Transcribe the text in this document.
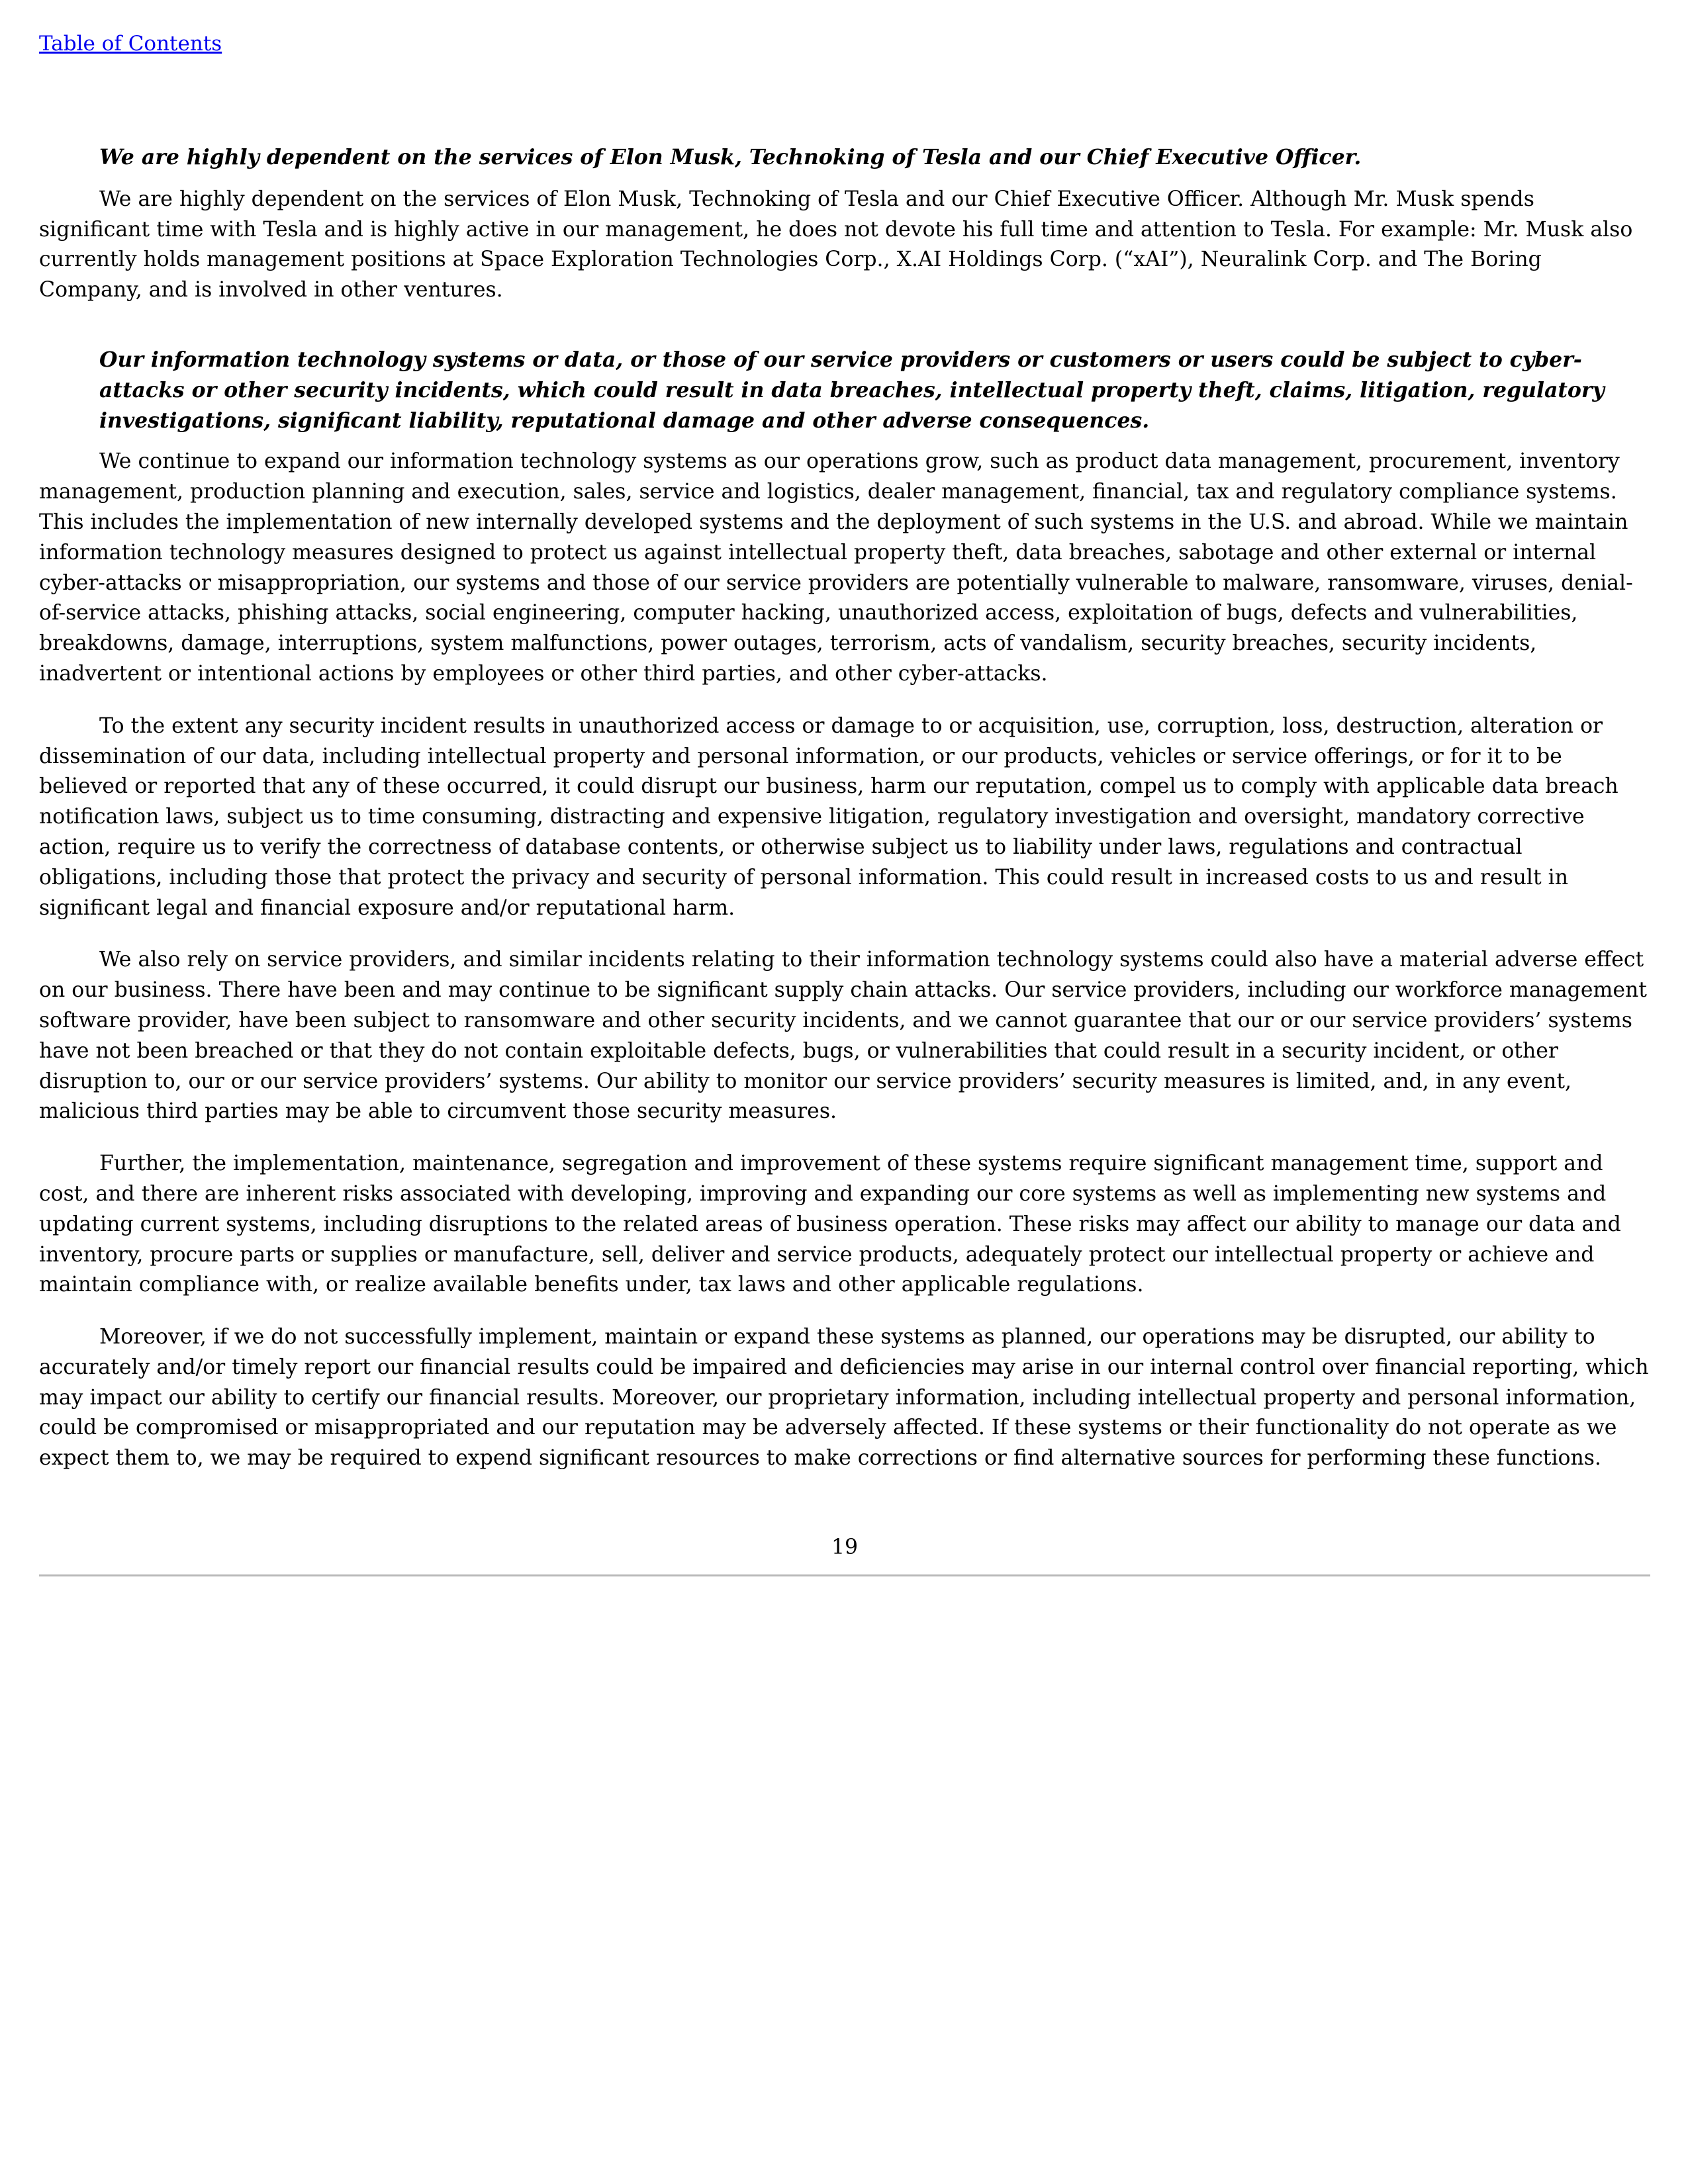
Table of Contents

We are highly dependent on the services of Elon Musk, Technoking of Tesla and our Chief Executive Officer.

We are highly dependent on the services of Elon Musk, Technoking of Tesla and our Chief Executive Officer. Although Mr. Musk spends significant time with Tesla and is highly active in our management, he does not devote his full time and attention to Tesla. For example: Mr. Musk also currently holds management positions at Space Exploration Technologies Corp., X.AI Holdings Corp. (“xAI”), Neuralink Corp. and The Boring Company, and is involved in other ventures.

Our information technology systems or data, or those of our service providers or customers or users could be subject to cyber-attacks or other security incidents, which could result in data breaches, intellectual property theft, claims, litigation, regulatory investigations, significant liability, reputational damage and other adverse consequences.

We continue to expand our information technology systems as our operations grow, such as product data management, procurement, inventory management, production planning and execution, sales, service and logistics, dealer management, financial, tax and regulatory compliance systems. This includes the implementation of new internally developed systems and the deployment of such systems in the U.S. and abroad. While we maintain information technology measures designed to protect us against intellectual property theft, data breaches, sabotage and other external or internal cyber-attacks or misappropriation, our systems and those of our service providers are potentially vulnerable to malware, ransomware, viruses, denial-of-service attacks, phishing attacks, social engineering, computer hacking, unauthorized access, exploitation of bugs, defects and vulnerabilities, breakdowns, damage, interruptions, system malfunctions, power outages, terrorism, acts of vandalism, security breaches, security incidents, inadvertent or intentional actions by employees or other third parties, and other cyber-attacks.

To the extent any security incident results in unauthorized access or damage to or acquisition, use, corruption, loss, destruction, alteration or dissemination of our data, including intellectual property and personal information, or our products, vehicles or service offerings, or for it to be believed or reported that any of these occurred, it could disrupt our business, harm our reputation, compel us to comply with applicable data breach notification laws, subject us to time consuming, distracting and expensive litigation, regulatory investigation and oversight, mandatory corrective action, require us to verify the correctness of database contents, or otherwise subject us to liability under laws, regulations and contractual obligations, including those that protect the privacy and security of personal information. This could result in increased costs to us and result in significant legal and financial exposure and/or reputational harm.

We also rely on service providers, and similar incidents relating to their information technology systems could also have a material adverse effect on our business. There have been and may continue to be significant supply chain attacks. Our service providers, including our workforce management software provider, have been subject to ransomware and other security incidents, and we cannot guarantee that our or our service providers’ systems have not been breached or that they do not contain exploitable defects, bugs, or vulnerabilities that could result in a security incident, or other disruption to, our or our service providers’ systems. Our ability to monitor our service providers’ security measures is limited, and, in any event, malicious third parties may be able to circumvent those security measures.

Further, the implementation, maintenance, segregation and improvement of these systems require significant management time, support and cost, and there are inherent risks associated with developing, improving and expanding our core systems as well as implementing new systems and updating current systems, including disruptions to the related areas of business operation. These risks may affect our ability to manage our data and inventory, procure parts or supplies or manufacture, sell, deliver and service products, adequately protect our intellectual property or achieve and maintain compliance with, or realize available benefits under, tax laws and other applicable regulations.

Moreover, if we do not successfully implement, maintain or expand these systems as planned, our operations may be disrupted, our ability to accurately and/or timely report our financial results could be impaired and deficiencies may arise in our internal control over financial reporting, which may impact our ability to certify our financial results. Moreover, our proprietary information, including intellectual property and personal information, could be compromised or misappropriated and our reputation may be adversely affected. If these systems or their functionality do not operate as we expect them to, we may be required to expend significant resources to make corrections or find alternative sources for performing these functions.

19
